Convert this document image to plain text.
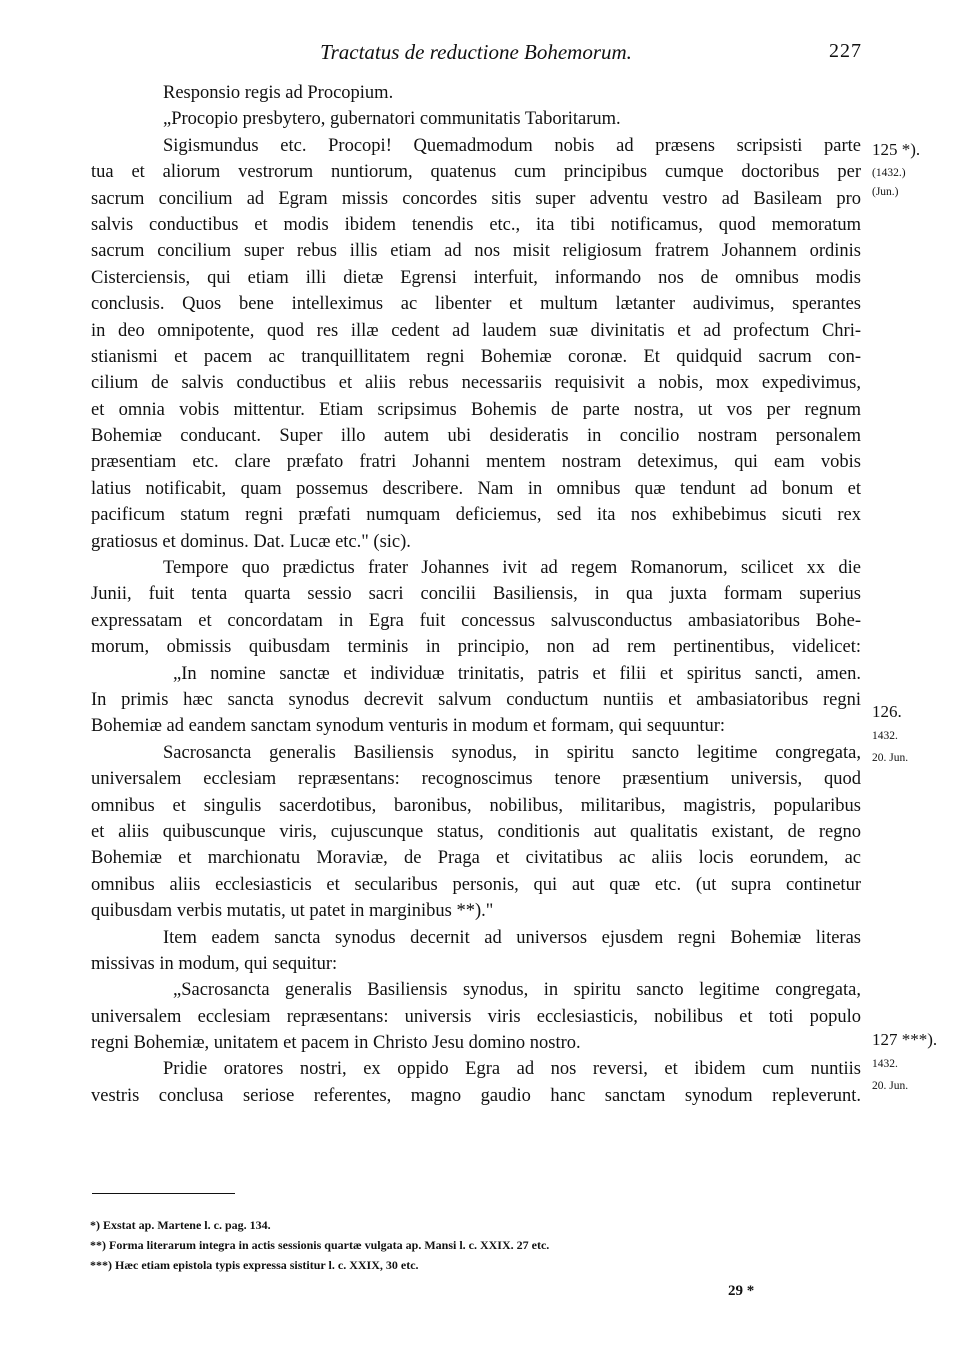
Tractatus de reductione Bohemorum.	227
Responsio regis ad Procopium.
„Procopio presbytero, gubernatori communitatis Taboritarum.
Sigismundus etc. Procopi! Quemadmodum nobis ad præsens scripsisti parte
tua et aliorum vestrorum nuntiorum, quatenus cum principibus cumque doctoribus per
sacrum concilium ad Egram missis concordes sitis super adventu vestro ad Basileam pro
salvis conductibus et modis ibidem tenendis etc., ita tibi notificamus, quod memoratum
sacrum concilium super rebus illis etiam ad nos misit religiosum fratrem Johannem ordinis
Cisterciensis, qui etiam illi dietæ Egrensi interfuit, informando nos de omnibus modis
conclusis. Quos bene intelleximus ac libenter et multum lætanter audivimus, sperantes
in deo omnipotente, quod res illæ cedent ad laudem suæ divinitatis et ad profectum Chri-
stianismi et pacem ac tranquillitatem regni Bohemiæ coronæ. Et quidquid sacrum con-
cilium de salvis conductibus et aliis rebus necessariis requisivit a nobis, mox expedivimus,
et omnia vobis mittentur. Etiam scripsimus Bohemis de parte nostra, ut vos per regnum
Bohemiæ conducant. Super illo autem ubi desideratis in concilio nostram personalem
præsentiam etc. clare præfato fratri Johanni mentem nostram deteximus, qui eam vobis
latius notificabit, quam possemus describere. Nam in omnibus quæ tendunt ad bonum et
pacificum statum regni præfati numquam deficiemus, sed ita nos exhibebimus sicuti rex
gratiosus et dominus. Dat. Lucæ etc." (sic).
Tempore quo prædictus frater Johannes ivit ad regem Romanorum, scilicet xx die
Junii, fuit tenta quarta sessio sacri concilii Basiliensis, in qua juxta formam superius
expressatam et concordatam in Egra fuit concessus salvusconductus ambasiatoribus Bohe-
morum, obmissis quibusdam terminis in principio, non ad rem pertinentibus, videlicet:
„In nomine sanctæ et individuæ trinitatis, patris et filii et spiritus sancti, amen.
In primis hæc sancta synodus decrevit salvum conductum nuntiis et ambasiatoribus regni
Bohemiæ ad eandem sanctam synodum venturis in modum et formam, qui sequuntur:
Sacrosancta generalis Basiliensis synodus, in spiritu sancto legitime congregata,
universalem ecclesiam repræsentans: recognoscimus tenore præsentium universis, quod
omnibus et singulis sacerdotibus, baronibus, nobilibus, militaribus, magistris, popularibus
et aliis quibuscunque viris, cujuscunque status, conditionis aut qualitatis existant, de regno
Bohemiæ et marchionatu Moraviæ, de Praga et civitatibus ac aliis locis eorundem, ac
omnibus aliis ecclesiasticis et secularibus personis, qui aut quæ etc. (ut supra continetur
quibusdam verbis mutatis, ut patet in marginibus **)."
Item eadem sancta synodus decernit ad universos ejusdem regni Bohemiæ literas
missivas in modum, qui sequitur:
„Sacrosancta generalis Basiliensis synodus, in spiritu sancto legitime congregata,
universalem ecclesiam repræsentans: universis viris ecclesiasticis, nobilibus et toti populo
regni Bohemiæ, unitatem et pacem in Christo Jesu domino nostro.
Pridie oratores nostri, ex oppido Egra ad nos reversi, et ibidem cum nuntiis
vestris conclusa seriose referentes, magno gaudio hanc sanctam synodum repleverunt.
125 *).
(1432.)
(Jun.)
126.
1432.
20. Jun.
127 ***).
1432.
20. Jun.
*) Exstat ap. Martene l. c. pag. 134.
**) Forma literarum integra in actis sessionis quartæ vulgata ap. Mansi l. c. XXIX. 27 etc.
***) Hæc etiam epistola typis expressa sistitur l. c. XXIX, 30 etc.
29 *
